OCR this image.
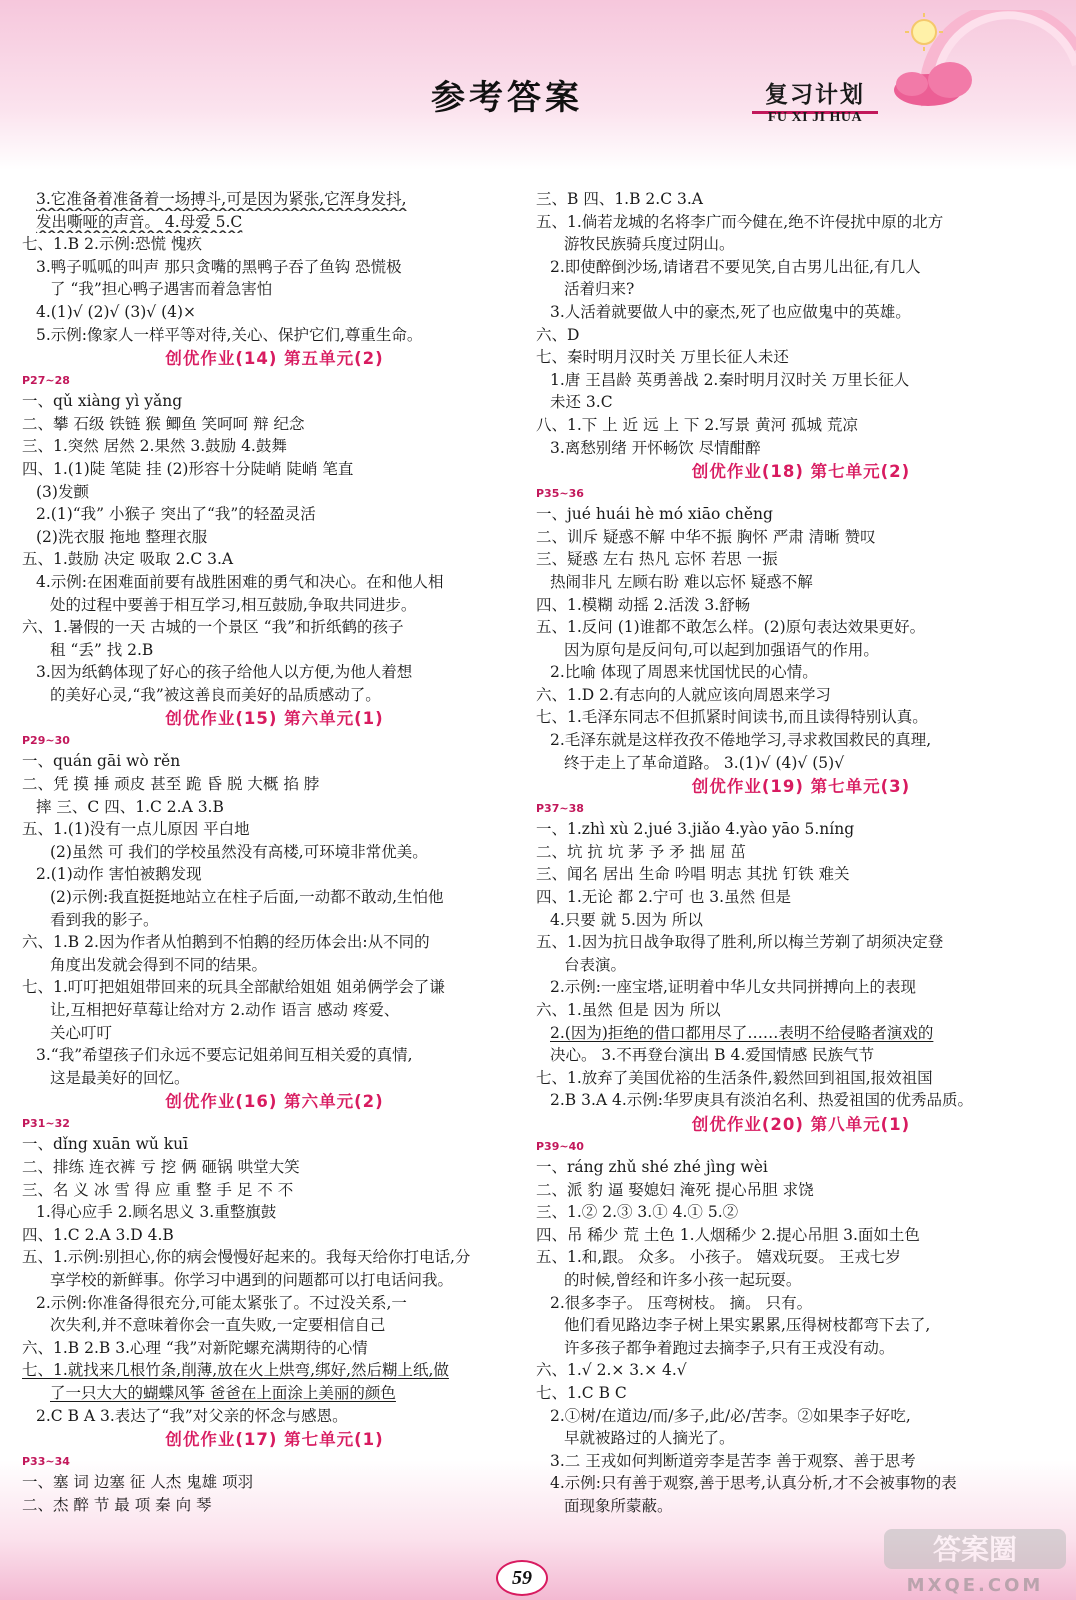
参考答案	复习计划
FU XI JI HUA
3.它准备着准备着一场搏斗,可是因为紧张,它浑身发抖,
发出嘶哑的声音。 4.母爱 5.C
七、1.B 2.示例:恐慌 愧疚
3.鸭子呱呱的叫声 那只贪嘴的黑鸭子吞了鱼钩 恐慌极
了 “我”担心鸭子遇害而着急害怕
4.(1)√ (2)√ (3)√ (4)×
5.示例:像家人一样平等对待,关心、保护它们,尊重生命。
创优作业(14) 第五单元(2)
P27~28
一、qǔ xiàng yì yǎng
二、攀 石级 铁链 猴 鲫鱼 笑呵呵 辩 纪念
三、1.突然 居然 2.果然 3.鼓励 4.鼓舞
四、1.(1)陡 笔陡 挂 (2)形容十分陡峭 陡峭 笔直
(3)发颤
2.(1)“我” 小猴子 突出了“我”的轻盈灵活
(2)洗衣服 拖地 整理衣服
五、1.鼓励 决定 吸取 2.C 3.A
4.示例:在困难面前要有战胜困难的勇气和决心。在和他人相
处的过程中要善于相互学习,相互鼓励,争取共同进步。
六、1.暑假的一天 古城的一个景区 “我”和折纸鹤的孩子
租 “丢” 找 2.B
3.因为纸鹤体现了好心的孩子给他人以方便,为他人着想
的美好心灵,“我”被这善良而美好的品质感动了。
创优作业(15) 第六单元(1)
P29~30
一、quán gāi wò rěn
二、凭 摸 捶 顽皮 甚至 跪 昏 脱 大概 掐 脖
摔 三、C 四、1.C 2.A 3.B
五、1.(1)没有一点儿原因 平白地
(2)虽然 可 我们的学校虽然没有高楼,可环境非常优美。
2.(1)动作 害怕被鹅发现
(2)示例:我直挺挺地站立在柱子后面,一动都不敢动,生怕他
看到我的影子。
六、1.B 2.因为作者从怕鹅到不怕鹅的经历体会出:从不同的
角度出发就会得到不同的结果。
七、1.叮叮把姐姐带回来的玩具全部献给姐姐 姐弟俩学会了谦
让,互相把好草莓让给对方 2.动作 语言 感动 疼爱、
关心叮叮
3.“我”希望孩子们永远不要忘记姐弟间互相关爱的真情,
这是最美好的回忆。
创优作业(16) 第六单元(2)
P31~32
一、dǐng xuān wǔ kuī
二、排练 连衣裤 亏 挖 俩 砸锅 哄堂大笑
三、名 义 冰 雪 得 应 重 整 手 足 不 不
1.得心应手 2.顾名思义 3.重整旗鼓
四、1.C 2.A 3.D 4.B
五、1.示例:别担心,你的病会慢慢好起来的。我每天给你打电话,分
享学校的新鲜事。你学习中遇到的问题都可以打电话问我。
2.示例:你准备得很充分,可能太紧张了。不过没关系,一
次失利,并不意味着你会一直失败,一定要相信自己
六、1.B 2.B 3.心理 “我”对新陀螺充满期待的心情
七、1.就找来几根竹条,削薄,放在火上烘弯,绑好,然后糊上纸,做
了一只大大的蝴蝶风筝 爸爸在上面涂上美丽的颜色
2.C B A 3.表达了“我”对父亲的怀念与感恩。
创优作业(17) 第七单元(1)
P33~34
一、塞 词 边塞 征 人杰 鬼雄 项羽
二、杰 醉 节 最 项 秦 向 琴
三、B 四、1.B 2.C 3.A
五、1.倘若龙城的名将李广而今健在,绝不许侵扰中原的北方
游牧民族骑兵度过阴山。
2.即使醉倒沙场,请诸君不要见笑,自古男儿出征,有几人
活着归来?
3.人活着就要做人中的豪杰,死了也应做鬼中的英雄。
六、D
七、秦时明月汉时关 万里长征人未还
1.唐 王昌龄 英勇善战 2.秦时明月汉时关 万里长征人
未还 3.C
八、1.下 上 近 远 上 下 2.写景 黄河 孤城 荒凉
3.离愁别绪 开怀畅饮 尽情酣醉
创优作业(18) 第七单元(2)
P35~36
一、jué huái hè mó xiāo chěng
二、训斥 疑惑不解 中华不振 胸怀 严肃 清晰 赞叹
三、疑惑 左右 热凡 忘怀 若思 一振
热闹非凡 左顾右盼 难以忘怀 疑惑不解
四、1.模糊 动摇 2.活泼 3.舒畅
五、1.反问 (1)谁都不敢怎么样。(2)原句表达效果更好。
因为原句是反问句,可以起到加强语气的作用。
2.比喻 体现了周恩来忧国忧民的心情。
六、1.D 2.有志向的人就应该向周恩来学习
七、1.毛泽东同志不但抓紧时间读书,而且读得特别认真。
2.毛泽东就是这样孜孜不倦地学习,寻求救国救民的真理,
终于走上了革命道路。 3.(1)√ (4)√ (5)√
创优作业(19) 第七单元(3)
P37~38
一、1.zhì xù 2.jué 3.jiǎo 4.yào yāo 5.níng
二、坑 抗 坑 茅 予 矛 拙 屈 茁
三、闻名 居出 生命 吟唱 明志 其扰 钉铁 难关
四、1.无论 都 2.宁可 也 3.虽然 但是
4.只要 就 5.因为 所以
五、1.因为抗日战争取得了胜利,所以梅兰芳剃了胡须决定登
台表演。
2.示例:一座宝塔,证明着中华儿女共同拼搏向上的表现
六、1.虽然 但是 因为 所以
2.(因为)拒绝的借口都用尽了……表明不给侵略者演戏的
决心。 3.不再登台演出 B 4.爱国情感 民族气节
七、1.放弃了美国优裕的生活条件,毅然回到祖国,报效祖国
2.B 3.A 4.示例:华罗庚具有淡泊名利、热爱祖国的优秀品质。
创优作业(20) 第八单元(1)
P39~40
一、ráng zhǔ shé zhé jìng wèi
二、派 豹 逼 娶媳妇 淹死 提心吊胆 求饶
三、1.② 2.③ 3.① 4.① 5.②
四、吊 稀少 荒 土色 1.人烟稀少 2.提心吊胆 3.面如土色
五、1.和,跟。 众多。 小孩子。 嬉戏玩耍。 王戎七岁
的时候,曾经和许多小孩一起玩耍。
2.很多李子。 压弯树枝。 摘。 只有。
他们看见路边李子树上果实累累,压得树枝都弯下去了,
许多孩子都争着跑过去摘李子,只有王戎没有动。
六、1.√ 2.× 3.× 4.√
七、1.C B C
2.①树/在道边/而/多子,此/必/苦李。②如果李子好吃,
早就被路过的人摘光了。
3.二 王戎如何判断道旁李是苦李 善于观察、善于思考
4.示例:只有善于观察,善于思考,认真分析,才不会被事物的表
面现象所蒙蔽。
59
答案圈
MXQE.COM
